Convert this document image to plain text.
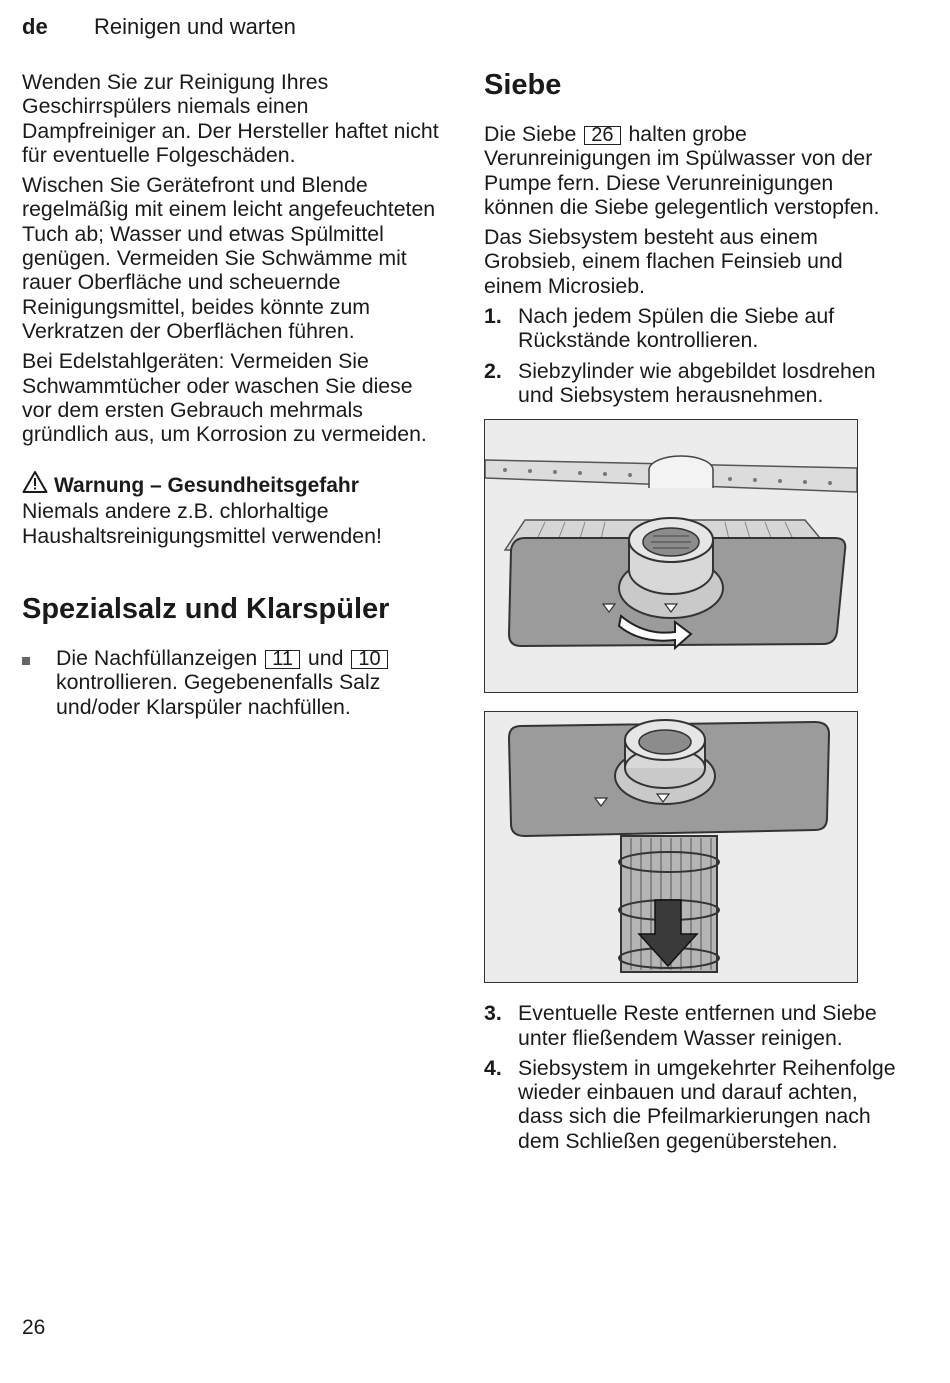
de Reinigen und warten

Wenden Sie zur Reinigung Ihres Geschirrspülers niemals einen Dampfreiniger an. Der Hersteller haftet nicht für eventuelle Folgeschäden.

Wischen Sie Gerätefront und Blende regelmäßig mit einem leicht angefeuchteten Tuch ab; Wasser und etwas Spülmittel genügen. Vermeiden Sie Schwämme mit rauer Oberfläche und scheuernde Reinigungsmittel, beides könnte zum Verkratzen der Oberflächen führen.

Bei Edelstahlgeräten: Vermeiden Sie Schwammtücher oder waschen Sie diese vor dem ersten Gebrauch mehrmals gründlich aus, um Korrosion zu vermeiden.

Warnung – Gesundheitsgefahr

Niemals andere z.B. chlorhaltige Haushaltsreinigungsmittel verwenden!

Spezialsalz und Klarspüler
Die Nachfüllanzeigen 11 und 10 kontrollieren. Gegebenenfalls Salz und/oder Klarspüler nachfüllen.
Siebe

Die Siebe 26 halten grobe Verunreinigungen im Spülwasser von der Pumpe fern. Diese Verunreinigungen können die Siebe gelegentlich verstopfen.

Das Siebsystem besteht aus einem Grobsieb, einem flachen Feinsieb und einem Microsieb.

1. Nach jedem Spülen die Siebe auf Rückstände kontrollieren.
2. Siebzylinder wie abgebildet losdrehen und Siebsystem herausnehmen.
3. Eventuelle Reste entfernen und Siebe unter fließendem Wasser reinigen.
4. Siebsystem in umgekehrter Reihenfolge wieder einbauen und darauf achten, dass sich die Pfeilmarkierungen nach dem Schließen gegenüberstehen.
26
